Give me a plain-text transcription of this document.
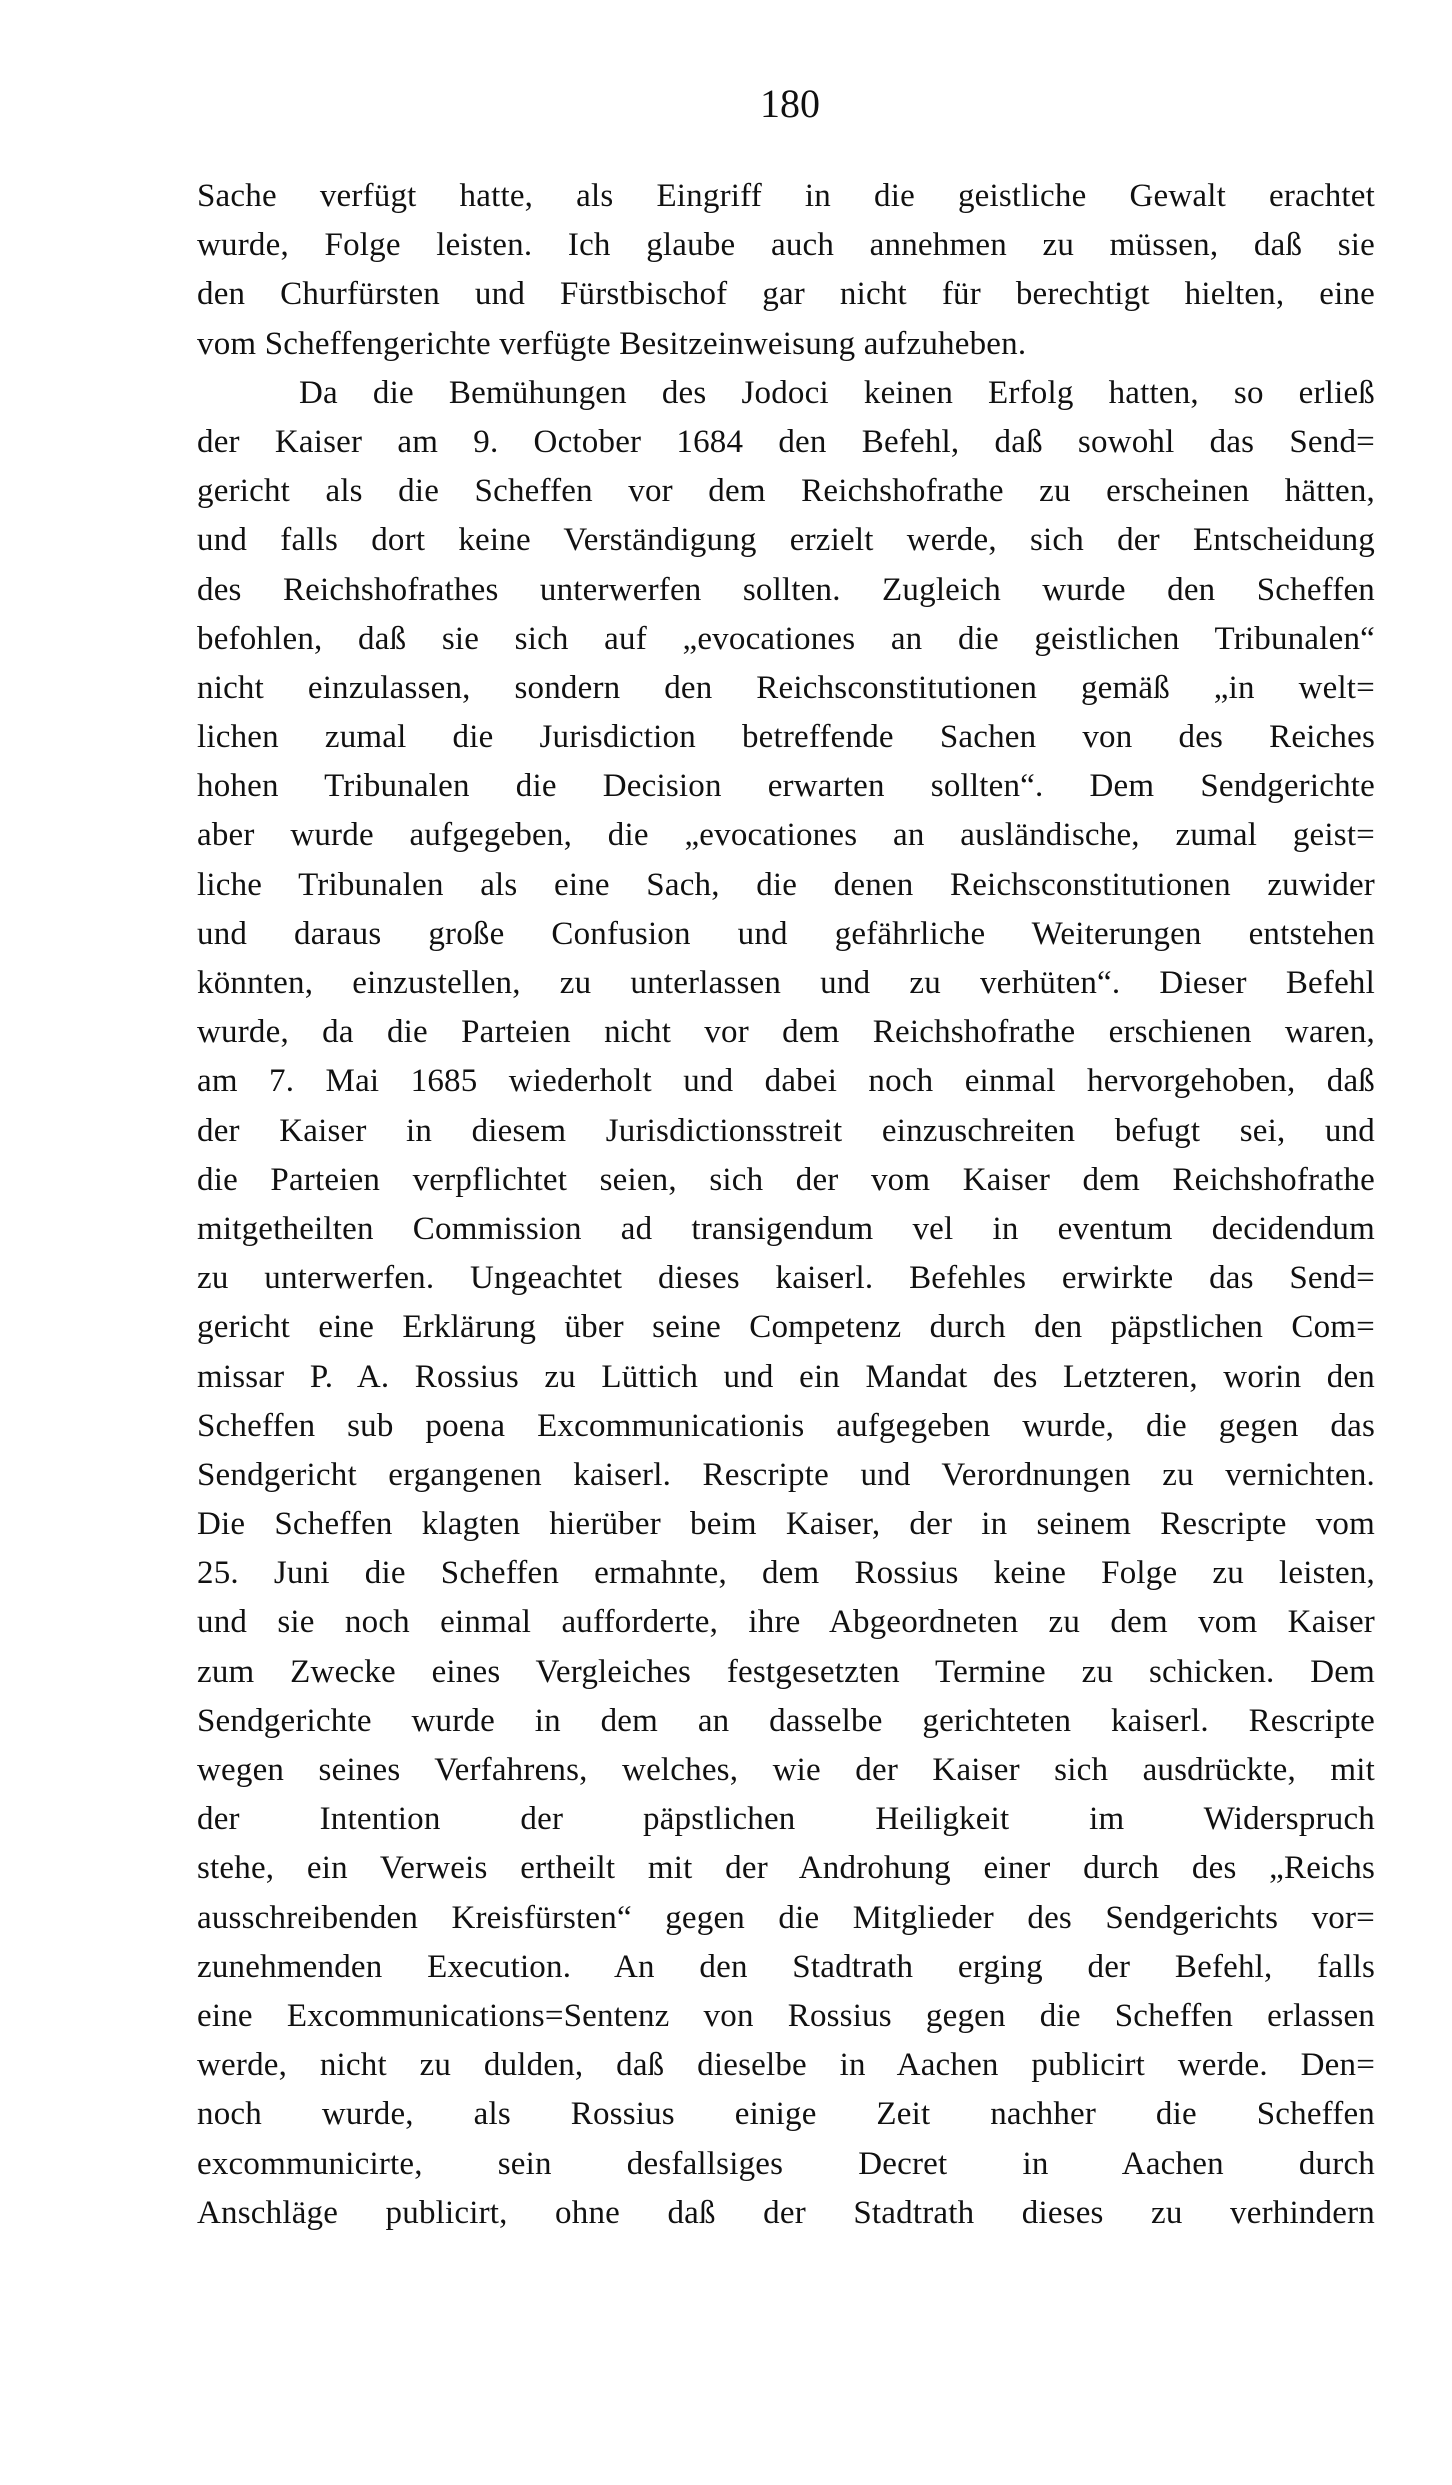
180
Sache verfügt hatte, als Eingriff in die geistliche Gewalt erachtet
wurde, Folge leisten. Ich glaube auch annehmen zu müssen, daß sie
den Churfürsten und Fürstbischof gar nicht für berechtigt hielten, eine
vom Scheffengerichte verfügte Besitzeinweisung aufzuheben.
Da die Bemühungen des Jodoci keinen Erfolg hatten, so erließ
der Kaiser am 9. October 1684 den Befehl, daß sowohl das Send=
gericht als die Scheffen vor dem Reichshofrathe zu erscheinen hätten,
und falls dort keine Verständigung erzielt werde, sich der Entscheidung
des Reichshofrathes unterwerfen sollten. Zugleich wurde den Scheffen
befohlen, daß sie sich auf „evocationes an die geistlichen Tribunalen“
nicht einzulassen, sondern den Reichsconstitutionen gemäß „in welt=
lichen zumal die Jurisdiction betreffende Sachen von des Reiches
hohen Tribunalen die Decision erwarten sollten“. Dem Sendgerichte
aber wurde aufgegeben, die „evocationes an ausländische, zumal geist=
liche Tribunalen als eine Sach, die denen Reichsconstitutionen zuwider
und daraus große Confusion und gefährliche Weiterungen entstehen
könnten, einzustellen, zu unterlassen und zu verhüten“. Dieser Befehl
wurde, da die Parteien nicht vor dem Reichshofrathe erschienen waren,
am 7. Mai 1685 wiederholt und dabei noch einmal hervorgehoben, daß
der Kaiser in diesem Jurisdictionsstreit einzuschreiten befugt sei, und
die Parteien verpflichtet seien, sich der vom Kaiser dem Reichshofrathe
mitgetheilten Commission ad transigendum vel in eventum decidendum
zu unterwerfen. Ungeachtet dieses kaiserl. Befehles erwirkte das Send=
gericht eine Erklärung über seine Competenz durch den päpstlichen Com=
missar P. A. Rossius zu Lüttich und ein Mandat des Letzteren, worin den
Scheffen sub poena Excommunicationis aufgegeben wurde, die gegen das
Sendgericht ergangenen kaiserl. Rescripte und Verordnungen zu vernichten.
Die Scheffen klagten hierüber beim Kaiser, der in seinem Rescripte vom
25. Juni die Scheffen ermahnte, dem Rossius keine Folge zu leisten,
und sie noch einmal aufforderte, ihre Abgeordneten zu dem vom Kaiser
zum Zwecke eines Vergleiches festgesetzten Termine zu schicken. Dem
Sendgerichte wurde in dem an dasselbe gerichteten kaiserl. Rescripte
wegen seines Verfahrens, welches, wie der Kaiser sich ausdrückte, mit
der Intention der päpstlichen Heiligkeit im Widerspruch
stehe, ein Verweis ertheilt mit der Androhung einer durch des „Reichs
ausschreibenden Kreisfürsten“ gegen die Mitglieder des Sendgerichts vor=
zunehmenden Execution. An den Stadtrath erging der Befehl, falls
eine Excommunications=Sentenz von Rossius gegen die Scheffen erlassen
werde, nicht zu dulden, daß dieselbe in Aachen publicirt werde. Den=
noch wurde, als Rossius einige Zeit nachher die Scheffen
excommunicirte, sein desfallsiges Decret in Aachen durch
Anschläge publicirt, ohne daß der Stadtrath dieses zu verhindern
